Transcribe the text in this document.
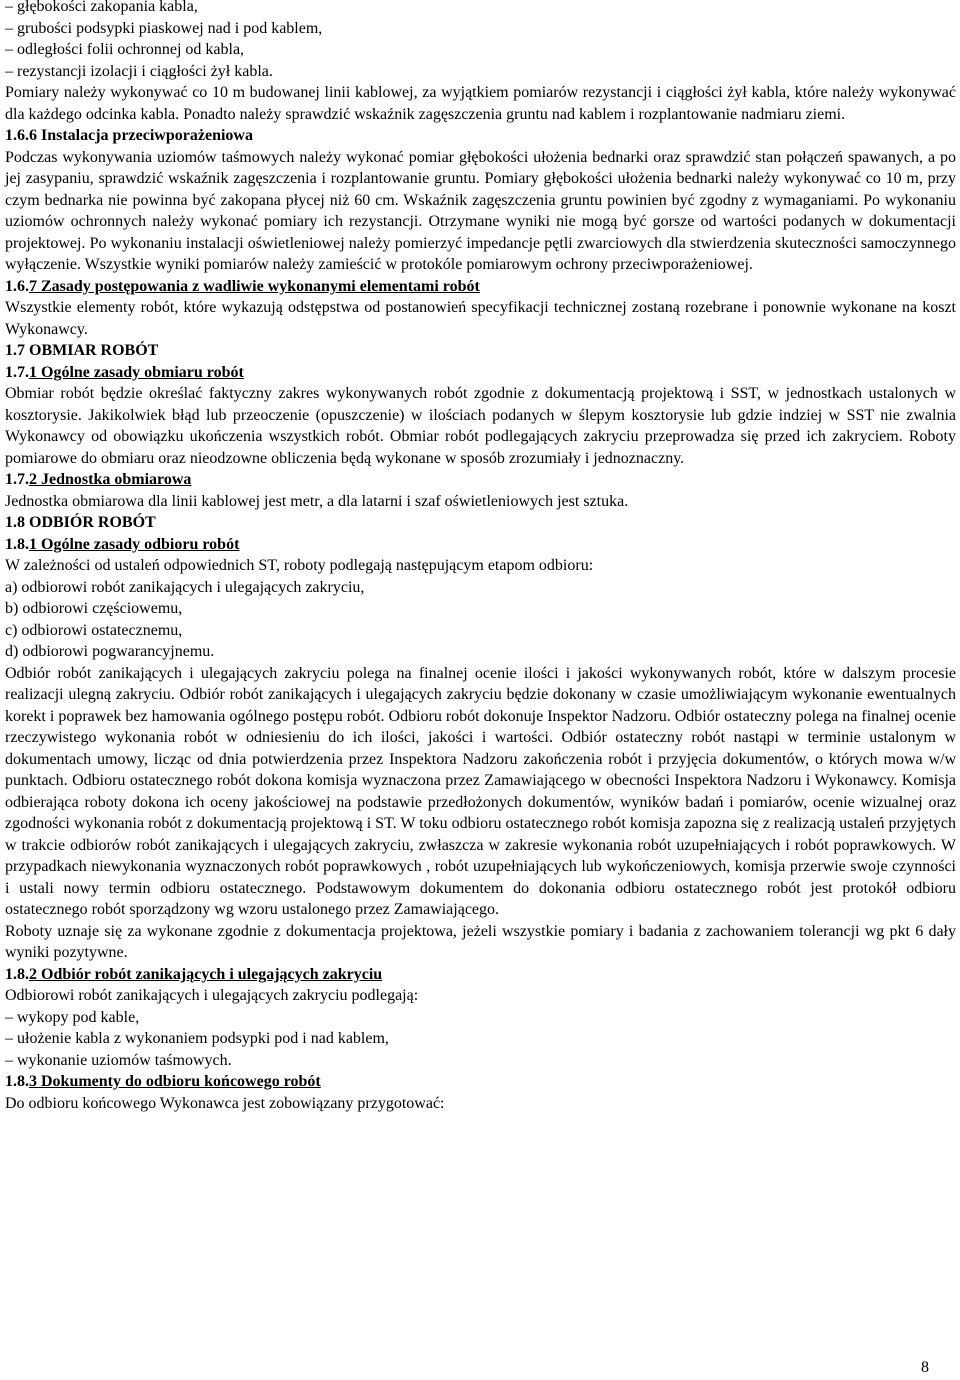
– głębokości zakopania kabla,
– grubości podsypki piaskowej nad i pod kablem,
– odległości folii ochronnej od kabla,
– rezystancji izolacji i ciągłości żył kabla.
Pomiary należy wykonywać co 10 m budowanej linii kablowej, za wyjątkiem pomiarów rezystancji i ciągłości żył kabla, które należy wykonywać dla każdego odcinka kabla. Ponadto należy sprawdzić wskaźnik zagęszczenia gruntu nad kablem i rozplantowanie nadmiaru ziemi.
1.6.6 Instalacja przeciwporażeniowa
Podczas wykonywania uziomów taśmowych należy wykonać pomiar głębokości ułożenia bednarki oraz sprawdzić stan połączeń spawanych, a po jej zasypaniu, sprawdzić wskaźnik zagęszczenia i rozplantowanie gruntu. Pomiary głębokości ułożenia bednarki należy wykonywać co 10 m, przy czym bednarka nie powinna być zakopana płycej niż 60 cm. Wskaźnik zagęszczenia gruntu powinien być zgodny z wymaganiami. Po wykonaniu uziomów ochronnych należy wykonać pomiary ich rezystancji. Otrzymane wyniki nie mogą być gorsze od wartości podanych w dokumentacji projektowej. Po wykonaniu instalacji oświetleniowej należy pomierzyć impedancje pętli zwarciowych dla stwierdzenia skuteczności samoczynnego wyłączenie. Wszystkie wyniki pomiarów należy zamieścić w protokóle pomiarowym ochrony przeciwporażeniowej.
1.6.7 Zasady postępowania z wadliwie wykonanymi elementami robót
Wszystkie elementy robót, które wykazują odstępstwa od postanowień specyfikacji technicznej zostaną rozebrane i ponownie wykonane na koszt Wykonawcy.
1.7 OBMIAR ROBÓT
1.7.1 Ogólne zasady obmiaru robót
Obmiar robót będzie określać faktyczny zakres wykonywanych robót zgodnie z dokumentacją projektową i SST, w jednostkach ustalonych w kosztorysie. Jakikolwiek błąd lub przeoczenie (opuszczenie) w ilościach podanych w ślepym kosztorysie lub gdzie indziej w SST nie zwalnia Wykonawcy od obowiązku ukończenia wszystkich robót. Obmiar robót podlegających zakryciu przeprowadza się przed ich zakryciem. Roboty pomiarowe do obmiaru oraz nieodzowne obliczenia będą wykonane w sposób zrozumiały i jednoznaczny.
1.7.2 Jednostka obmiarowa
Jednostka obmiarowa dla linii kablowej jest metr, a dla latarni i szaf oświetleniowych jest sztuka.
1.8 ODBIÓR ROBÓT
1.8.1 Ogólne zasady odbioru robót
W zależności od ustaleń odpowiednich ST, roboty podlegają następującym etapom odbioru:
a) odbiorowi robót zanikających i ulegających zakryciu,
b) odbiorowi częściowemu,
c) odbiorowi ostatecznemu,
d) odbiorowi pogwarancyjnemu.
Odbiór robót zanikających i ulegających zakryciu polega na finalnej ocenie ilości i jakości wykonywanych robót, które w dalszym procesie realizacji ulegną zakryciu. Odbiór robót zanikających i ulegających zakryciu będzie dokonany w czasie umożliwiającym wykonanie ewentualnych korekt i poprawek bez hamowania ogólnego postępu robót. Odbioru robót dokonuje Inspektor Nadzoru. Odbiór ostateczny polega na finalnej ocenie rzeczywistego wykonania robót w odniesieniu do ich ilości, jakości i wartości. Odbiór ostateczny robót nastąpi w terminie ustalonym w dokumentach umowy, licząc od dnia potwierdzenia przez Inspektora Nadzoru zakończenia robót i przyjęcia dokumentów, o których mowa w/w punktach. Odbioru ostatecznego robót dokona komisja wyznaczona przez Zamawiającego w obecności Inspektora Nadzoru i Wykonawcy. Komisja odbierająca roboty dokona ich oceny jakościowej na podstawie przedłożonych dokumentów, wyników badań i pomiarów, ocenie wizualnej oraz zgodności wykonania robót z dokumentacją projektową i ST. W toku odbioru ostatecznego robót komisja zapozna się z realizacją ustaleń przyjętych w trakcie odbiorów robót zanikających i ulegających zakryciu, zwłaszcza w zakresie wykonania robót uzupełniających i robót poprawkowych. W przypadkach niewykonania wyznaczonych robót poprawkowych , robót uzupełniających lub wykończeniowych, komisja przerwie swoje czynności i ustali nowy termin odbioru ostatecznego. Podstawowym dokumentem do dokonania odbioru ostatecznego robót jest protokół odbioru ostatecznego robót sporządzony wg wzoru ustalonego przez Zamawiającego.
Roboty uznaje się za wykonane zgodnie z dokumentacja projektowa, jeżeli wszystkie pomiary i badania z zachowaniem tolerancji wg pkt 6 dały wyniki pozytywne.
1.8.2 Odbiór robót zanikających i ulegających zakryciu
Odbiorowi robót zanikających i ulegających zakryciu podlegają:
– wykopy pod kable,
– ułożenie kabla z wykonaniem podsypki pod i nad kablem,
– wykonanie uziomów taśmowych.
1.8.3 Dokumenty do odbioru końcowego robót
Do odbioru końcowego Wykonawca jest zobowiązany przygotować:
8
